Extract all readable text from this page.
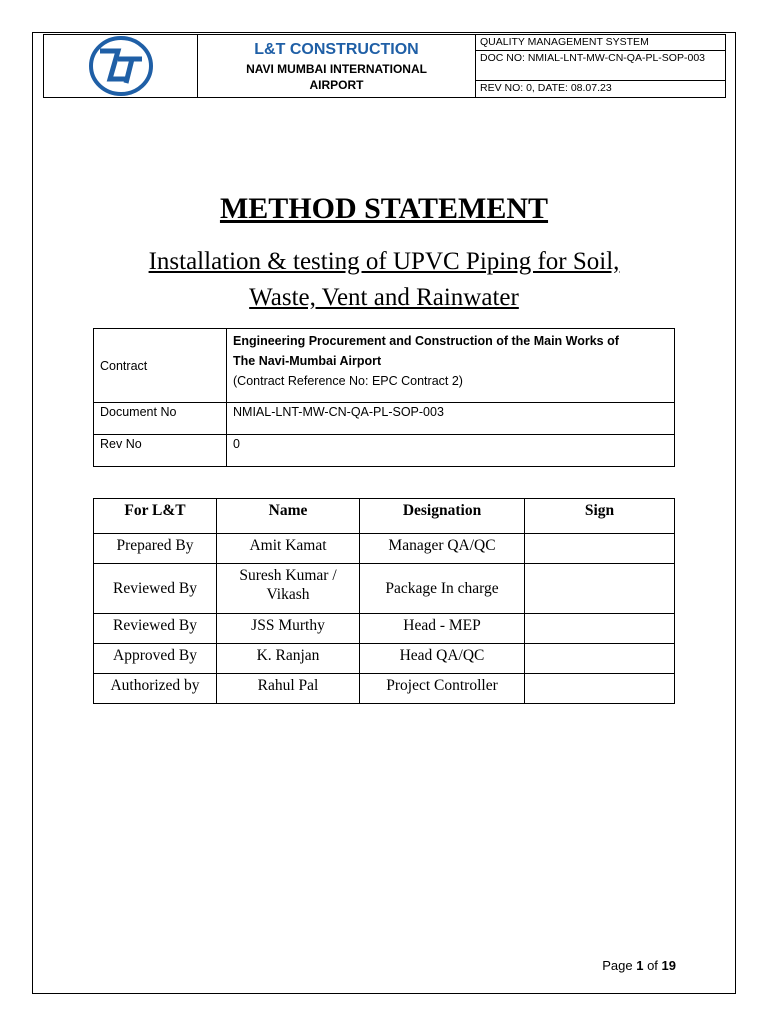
L&T CONSTRUCTION
NAVI MUMBAI INTERNATIONAL
AIRPORT
QUALITY MANAGEMENT SYSTEM
DOC NO: NMIAL-LNT-MW-CN-QA-PL-SOP-003
REV NO: 0, DATE: 08.07.23
METHOD STATEMENT
Installation & testing of UPVC Piping for Soil,
Waste, Vent and Rainwater
Contract	Engineering Procurement and Construction of the Main Works of
The Navi-Mumbai Airport
(Contract Reference No: EPC Contract 2)
Document No	NMIAL-LNT-MW-CN-QA-PL-SOP-003
Rev No	0
For L&T	Name	Designation	Sign
Prepared By	Amit Kamat	Manager QA/QC	
Reviewed By	Suresh Kumar / Vikash	Package In charge	
Reviewed By	JSS Murthy	Head - MEP	
Approved By	K. Ranjan	Head QA/QC	
Authorized by	Rahul Pal	Project Controller	
Page 1 of 19
